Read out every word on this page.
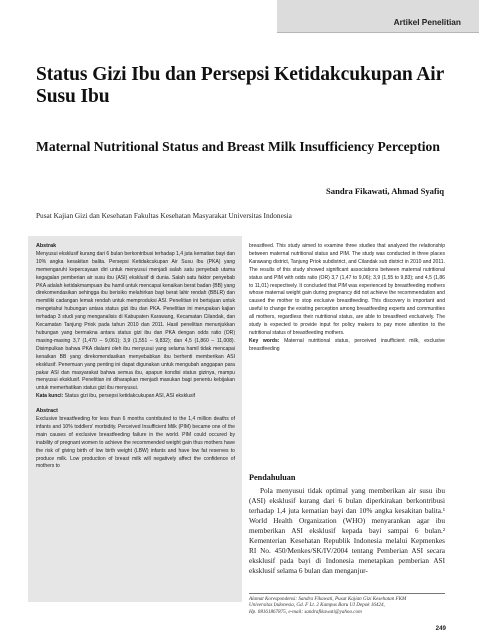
Artikel Penelitian
Status Gizi Ibu dan Persepsi Ketidakcukupan Air Susu Ibu
Maternal Nutritional Status and Breast Milk Insufficiency Perception
Sandra Fikawati, Ahmad Syafiq
Pusat Kajian Gizi dan Kesehatan Fakultas Kesehatan Masyarakat Universitas Indonesia

Abstrak

Menyusui eksklusif kurang dari 6 bulan berkontribusi terhadap 1,4 juta kematian bayi dan 10% angka kesakitan balita. Persepsi Ketidakcukupan Air Susu Ibu (PKA) yang memengaruhi kepercayaan diri untuk menyusui menjadi salah satu penyebab utama kegagalan pemberian air susu ibu (ASI) eksklusif di dunia. Salah satu faktor penyebab PKA adalah ketidakmampuan ibu hamil untuk mencapai kenaikan berat badan (BB) yang direkomendasikan sehingga ibu berisiko melahirkan bayi berat lahir rendah (BBLR) dan memiliki cadangan lemak rendah untuk memproduksi ASI. Penelitian ini bertujuan untuk mengetahui hubungan antara status gizi ibu dan PKA. Penelitian ini merupakan kajian terhadap 3 studi yang menganalisis di Kabupaten Karawang, Kecamatan Cilandak, dan Kecamatan Tanjung Priok pada tahun 2010 dan 2011. Hasil penelitian menunjukkan hubungan yang bermakna antara status gizi ibu dan PKA dengan odds ratio (OR) masing-masing 3,7 (1,470 – 9,061); 3,9 (1,551 – 9,832); dan 4,5 (1,860 – 11,008). Disimpulkan bahwa PKA dialami oleh ibu menyusui yang selama hamil tidak mencapai kenaikan BB yang direkomendasikan menyebabkan ibu berhenti memberikan ASI eksklusif. Penemuan yang penting ini dapat digunakan untuk mengubah anggapan para pakar ASI dan masyarakat bahwa semua ibu, apapun kondisi status gizinya, mampu menyusui eksklusif. Penelitian ini diharapkan menjadi masukan bagi penentu kebijakan untuk memerhatikan status gizi ibu menyusui.

Kata kunci: Status gizi ibu, persepsi ketidakcukupan ASI, ASI eksklusif

Abstract

Exclusive breastfeeding for less than 6 months contributed to the 1,4 million deaths of infants and 10% toddlers' morbidity. Perceived Insufficient Milk (PIM) became one of the main causes of exclusive breastfeeding failure in the world. PIM could occured by inability of pregnant women to achieve the recommended weight gain thus mothers have the risk of giving birth of low birth weight (LBW) infants and have low fat reserves to produce milk. Low production of breast milk will negatively affect the confidence of mothers to

breastfeed. This study aimed to examine three studies that analyzed the relationship between maternal nutritional status and PIM. The study was conducted in three places Karawang district, Tanjung Priok subdistrict, and Cilandak sub district in 2010 and 2011. The results of this study showed significant associations between maternal nutritional status and PIM with odds ratio (OR) 3,7 (1,47 to 9,06); 3,9 (1,55 to 9,83); and 4,5 (1,86 to 11,01) respectively. It concluded that PIM was experienced by breastfeeding mothers whose maternal weight gain during pregnancy did not achieve the recommendation and caused the mother to stop exclusive breastfeeding. This discovery is important and useful to change the existing perception among breastfeeding experts and communities all mothers, regardless their nutritional status, are able to breastfeed exclusively. The study is expected to provide input for policy makers to pay more attention to the nutritional status of breastfeeding mothers.

Key words: Maternal nutritional status, perceived insufficient milk, exclusive breastfeeding

Pendahuluan

Pola menyusui tidak optimal yang memberikan air susu ibu (ASI) eksklusif kurang dari 6 bulan diperkirakan berkontribusi terhadap 1,4 juta kematian bayi dan 10% angka kesakitan balita.¹ World Health Organization (WHO) menyarankan agar ibu memberikan ASI eksklusif kepada bayi sampai 6 bulan.² Kementerian Kesehatan Republik Indonesia melalui Kepmenkes RI No. 450/Menkes/SK/IV/2004 tentang Pemberian ASI secara eksklusif pada bayi di Indonesia menetapkan pemberian ASI eksklusif selama 6 bulan dan menganjur-

Alamat Korespondensi: Sandra Fikawati, Pusat Kajian Gizi Kesehatan FKM
Universitas Indonesia, Gd. F Lt. 2 Kampus Baru UI Depok 16424,
Hp. 08161867875, e-mail: sandrafikawati@yahoo.com
249
